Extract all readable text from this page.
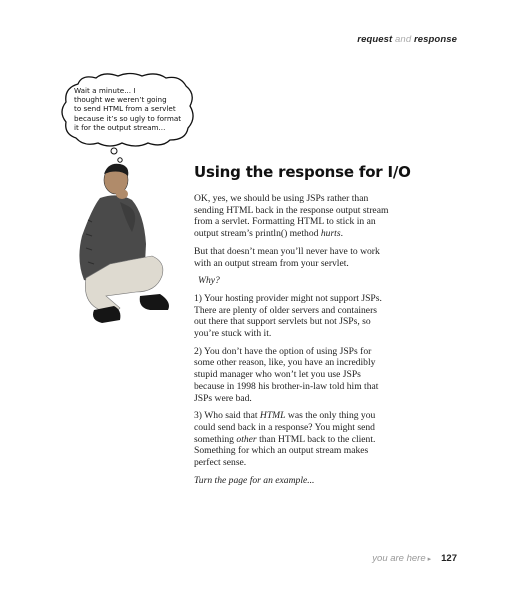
request and response

Wait a minute... I
thought we weren’t going
to send HTML from a servlet
because it’s so ugly to format
it for the output stream...

Using the response for I/O

OK, yes, we should be using JSPs rather than sending HTML back in the response output stream from a servlet. Formatting HTML to stick in an output stream’s println() method hurts.

But that doesn’t mean you’ll never have to work with an output stream from your servlet.

Why?

1) Your hosting provider might not support JSPs. There are plenty of older servers and containers out there that support servlets but not JSPs, so you’re stuck with it.

2) You don’t have the option of using JSPs for some other reason, like, you have an incredibly stupid manager who won’t let you use JSPs because in 1998 his brother-in-law told him that JSPs were bad.

3) Who said that HTML was the only thing you could send back in a response? You might send something other than HTML back to the client. Something for which an output stream makes perfect sense.

Turn the page for an example...

you are here ▸ 127
